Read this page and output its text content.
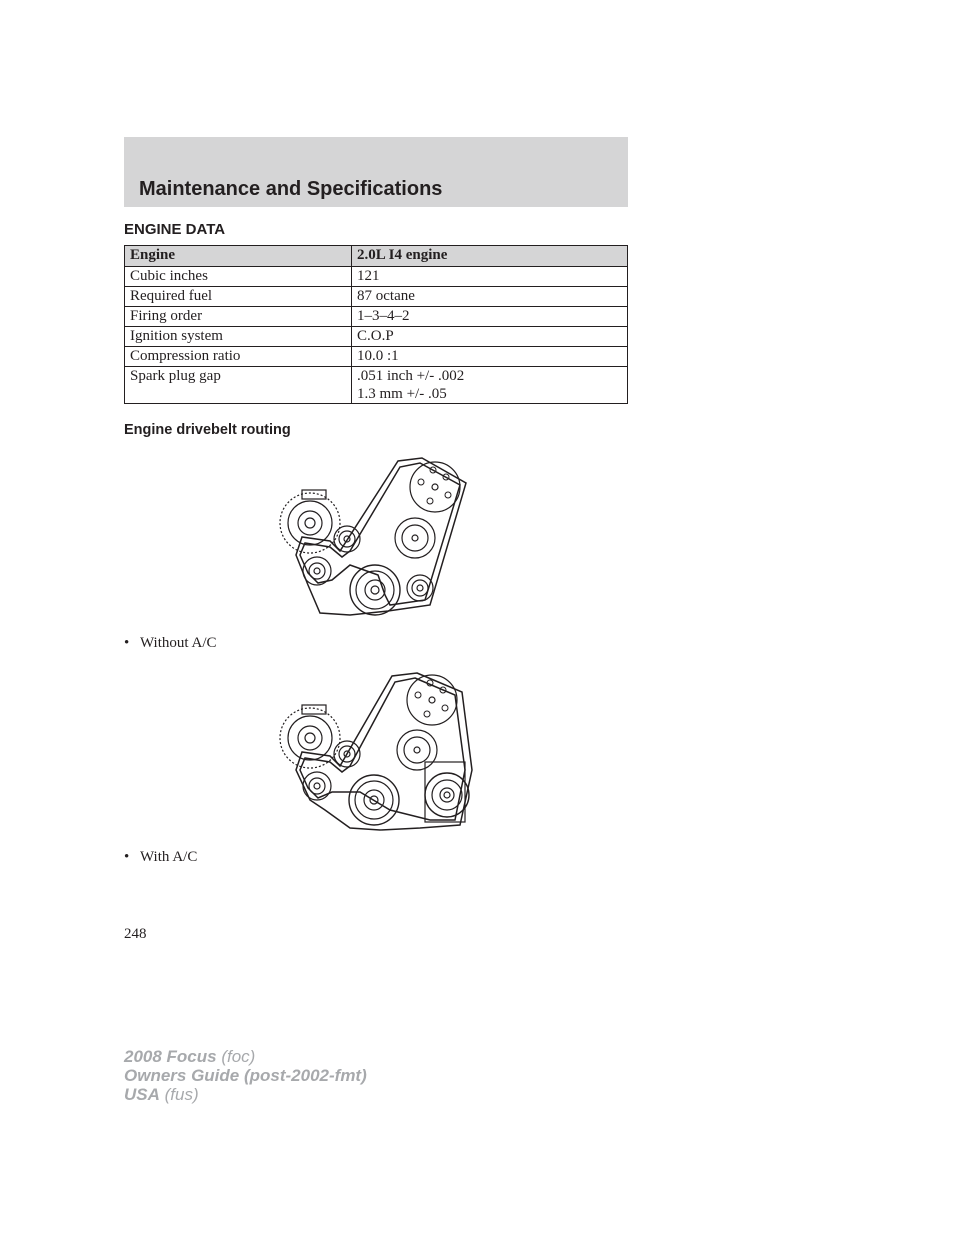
Maintenance and Specifications
ENGINE DATA
Engine	2.0L I4 engine
Cubic inches	121
Required fuel	87 octane
Firing order	1–3–4–2
Ignition system	C.O.P
Compression ratio	10.0 :1
Spark plug gap	.051 inch +/- .002
1.3 mm +/- .05
Engine drivebelt routing
• Without A/C
• With A/C
248
2008 Focus (foc)
Owners Guide (post-2002-fmt)
USA (fus)
